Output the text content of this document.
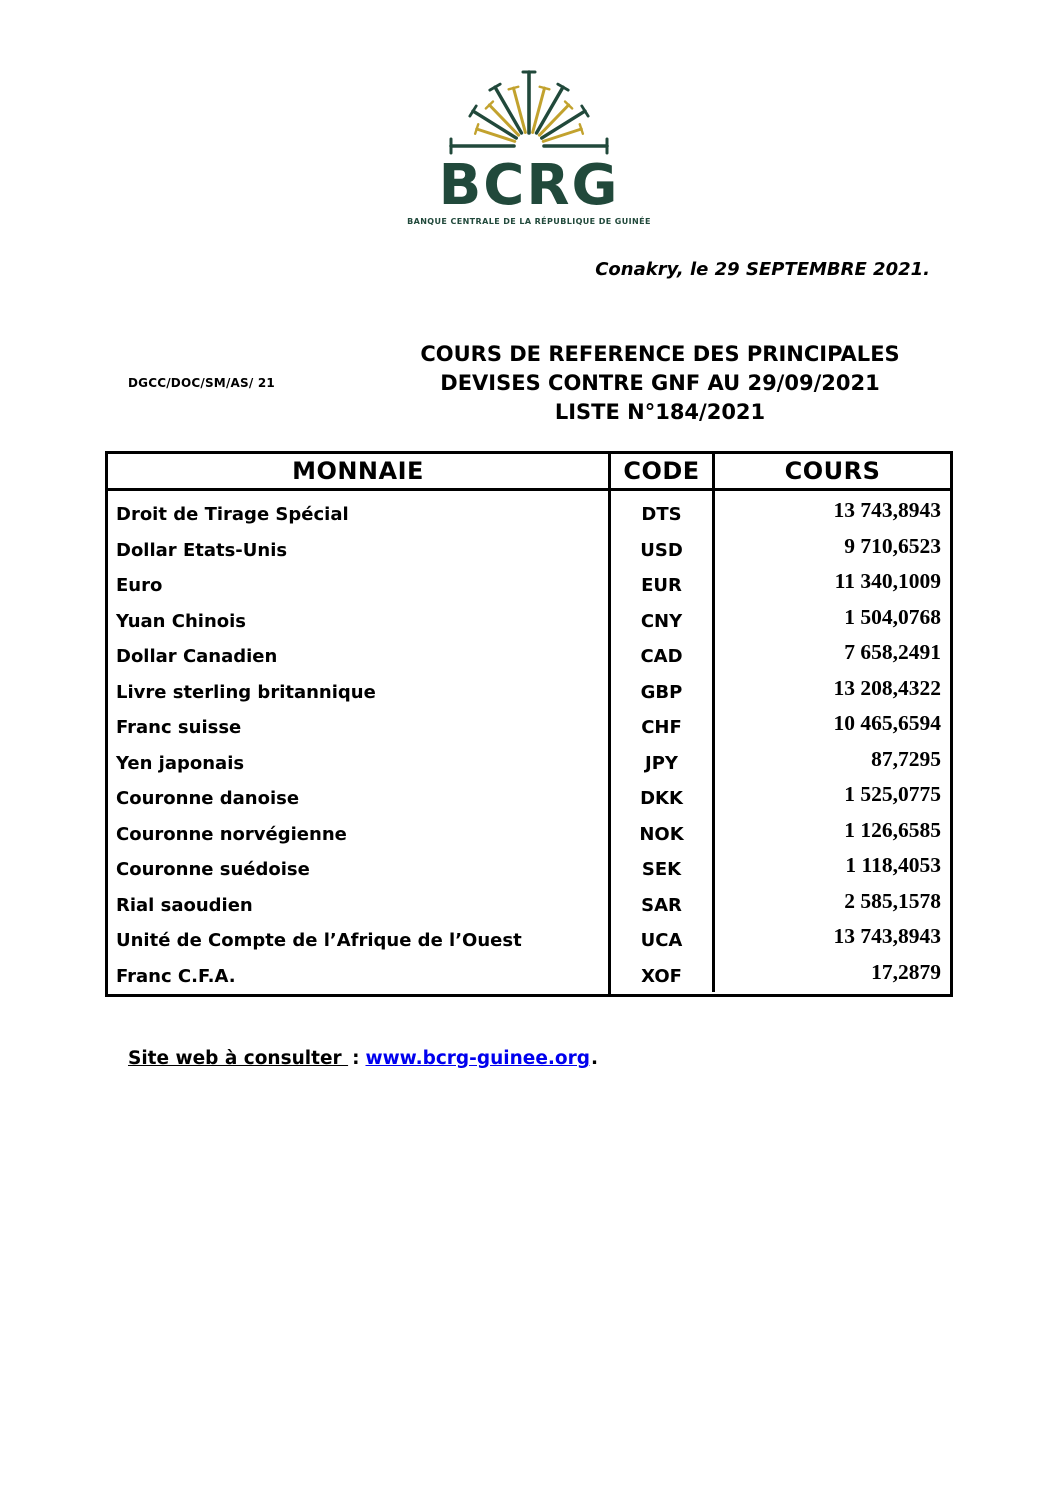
BCRG
BANQUE CENTRALE DE LA RÉPUBLIQUE DE GUINÉE
Conakry, le 29 SEPTEMBRE 2021.
DGCC/DOC/SM/AS/ 21
COURS DE REFERENCE DES PRINCIPALES
DEVISES CONTRE GNF AU 29/09/2021
LISTE N°184/2021
MONNAIE	CODE	COURS
Droit de Tirage Spécial	DTS	13 743,8943
Dollar Etats-Unis	USD	9 710,6523
Euro	EUR	11 340,1009
Yuan Chinois	CNY	1 504,0768
Dollar Canadien	CAD	7 658,2491
Livre sterling britannique	GBP	13 208,4322
Franc suisse	CHF	10 465,6594
Yen japonais	JPY	87,7295
Couronne danoise	DKK	1 525,0775
Couronne norvégienne	NOK	1 126,6585
Couronne suédoise	SEK	1 118,4053
Rial saoudien	SAR	2 585,1578
Unité de Compte de l’Afrique de l’Ouest	UCA	13 743,8943
Franc C.F.A.	XOF	17,2879
Site web à consulter : www.bcrg-guinee.org.
